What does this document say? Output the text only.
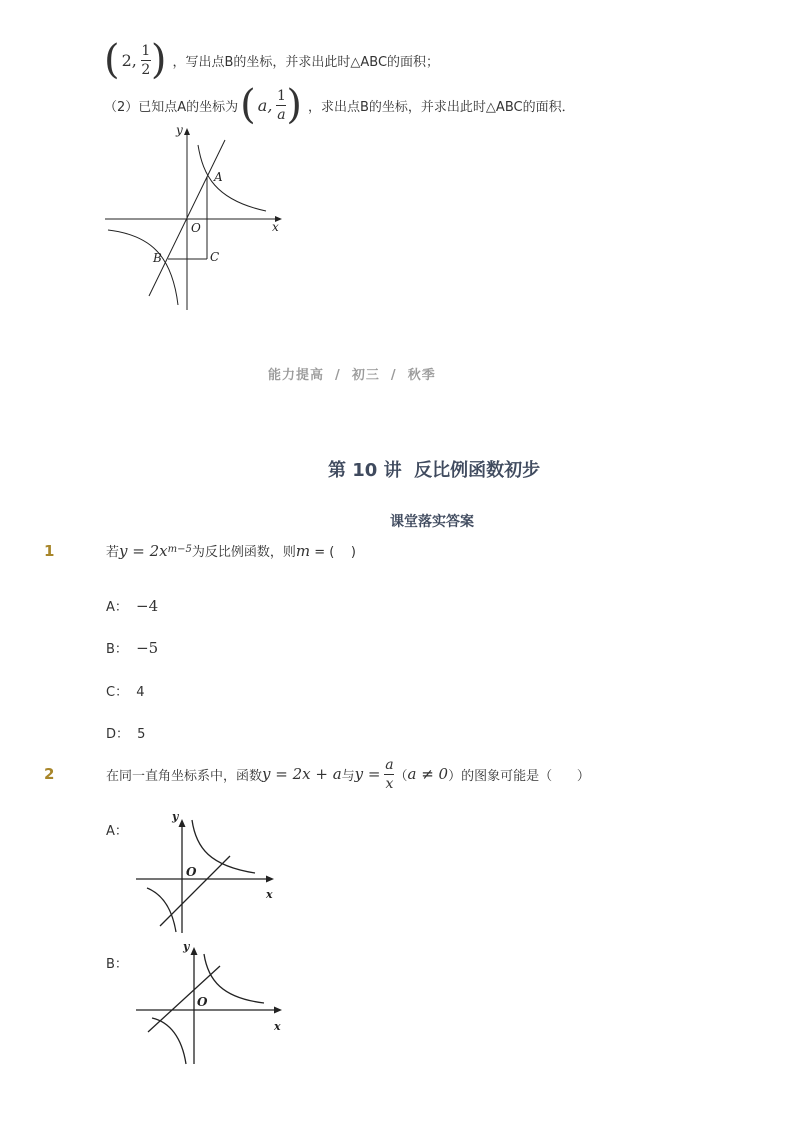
( 2, $\frac{1}{2}$ ) ，写出点B的坐标，并求出此时△ABC的面积；
（2）已知点A的坐标为 ( a, $\frac{1}{a}$ ) ，求出点B的坐标，并求出此时△ABC的面积．
y
x
O
A
B	C
能力提高  /  初三  /  秋季
第 10 讲  反比例函数初步
课堂落实答案
1	若 $y = 2x^{m-5}$ 为反比例函数，则 m = (    )
A： −4
B： −5
C： 4
D： 5
2	在同一直角坐标系中，函数 y = 2x + a 与 $y = \frac{a}{x}$ （ a ≠ 0 ）的图象可能是（      ）
A：
y
x
O
B：
y
x
O
